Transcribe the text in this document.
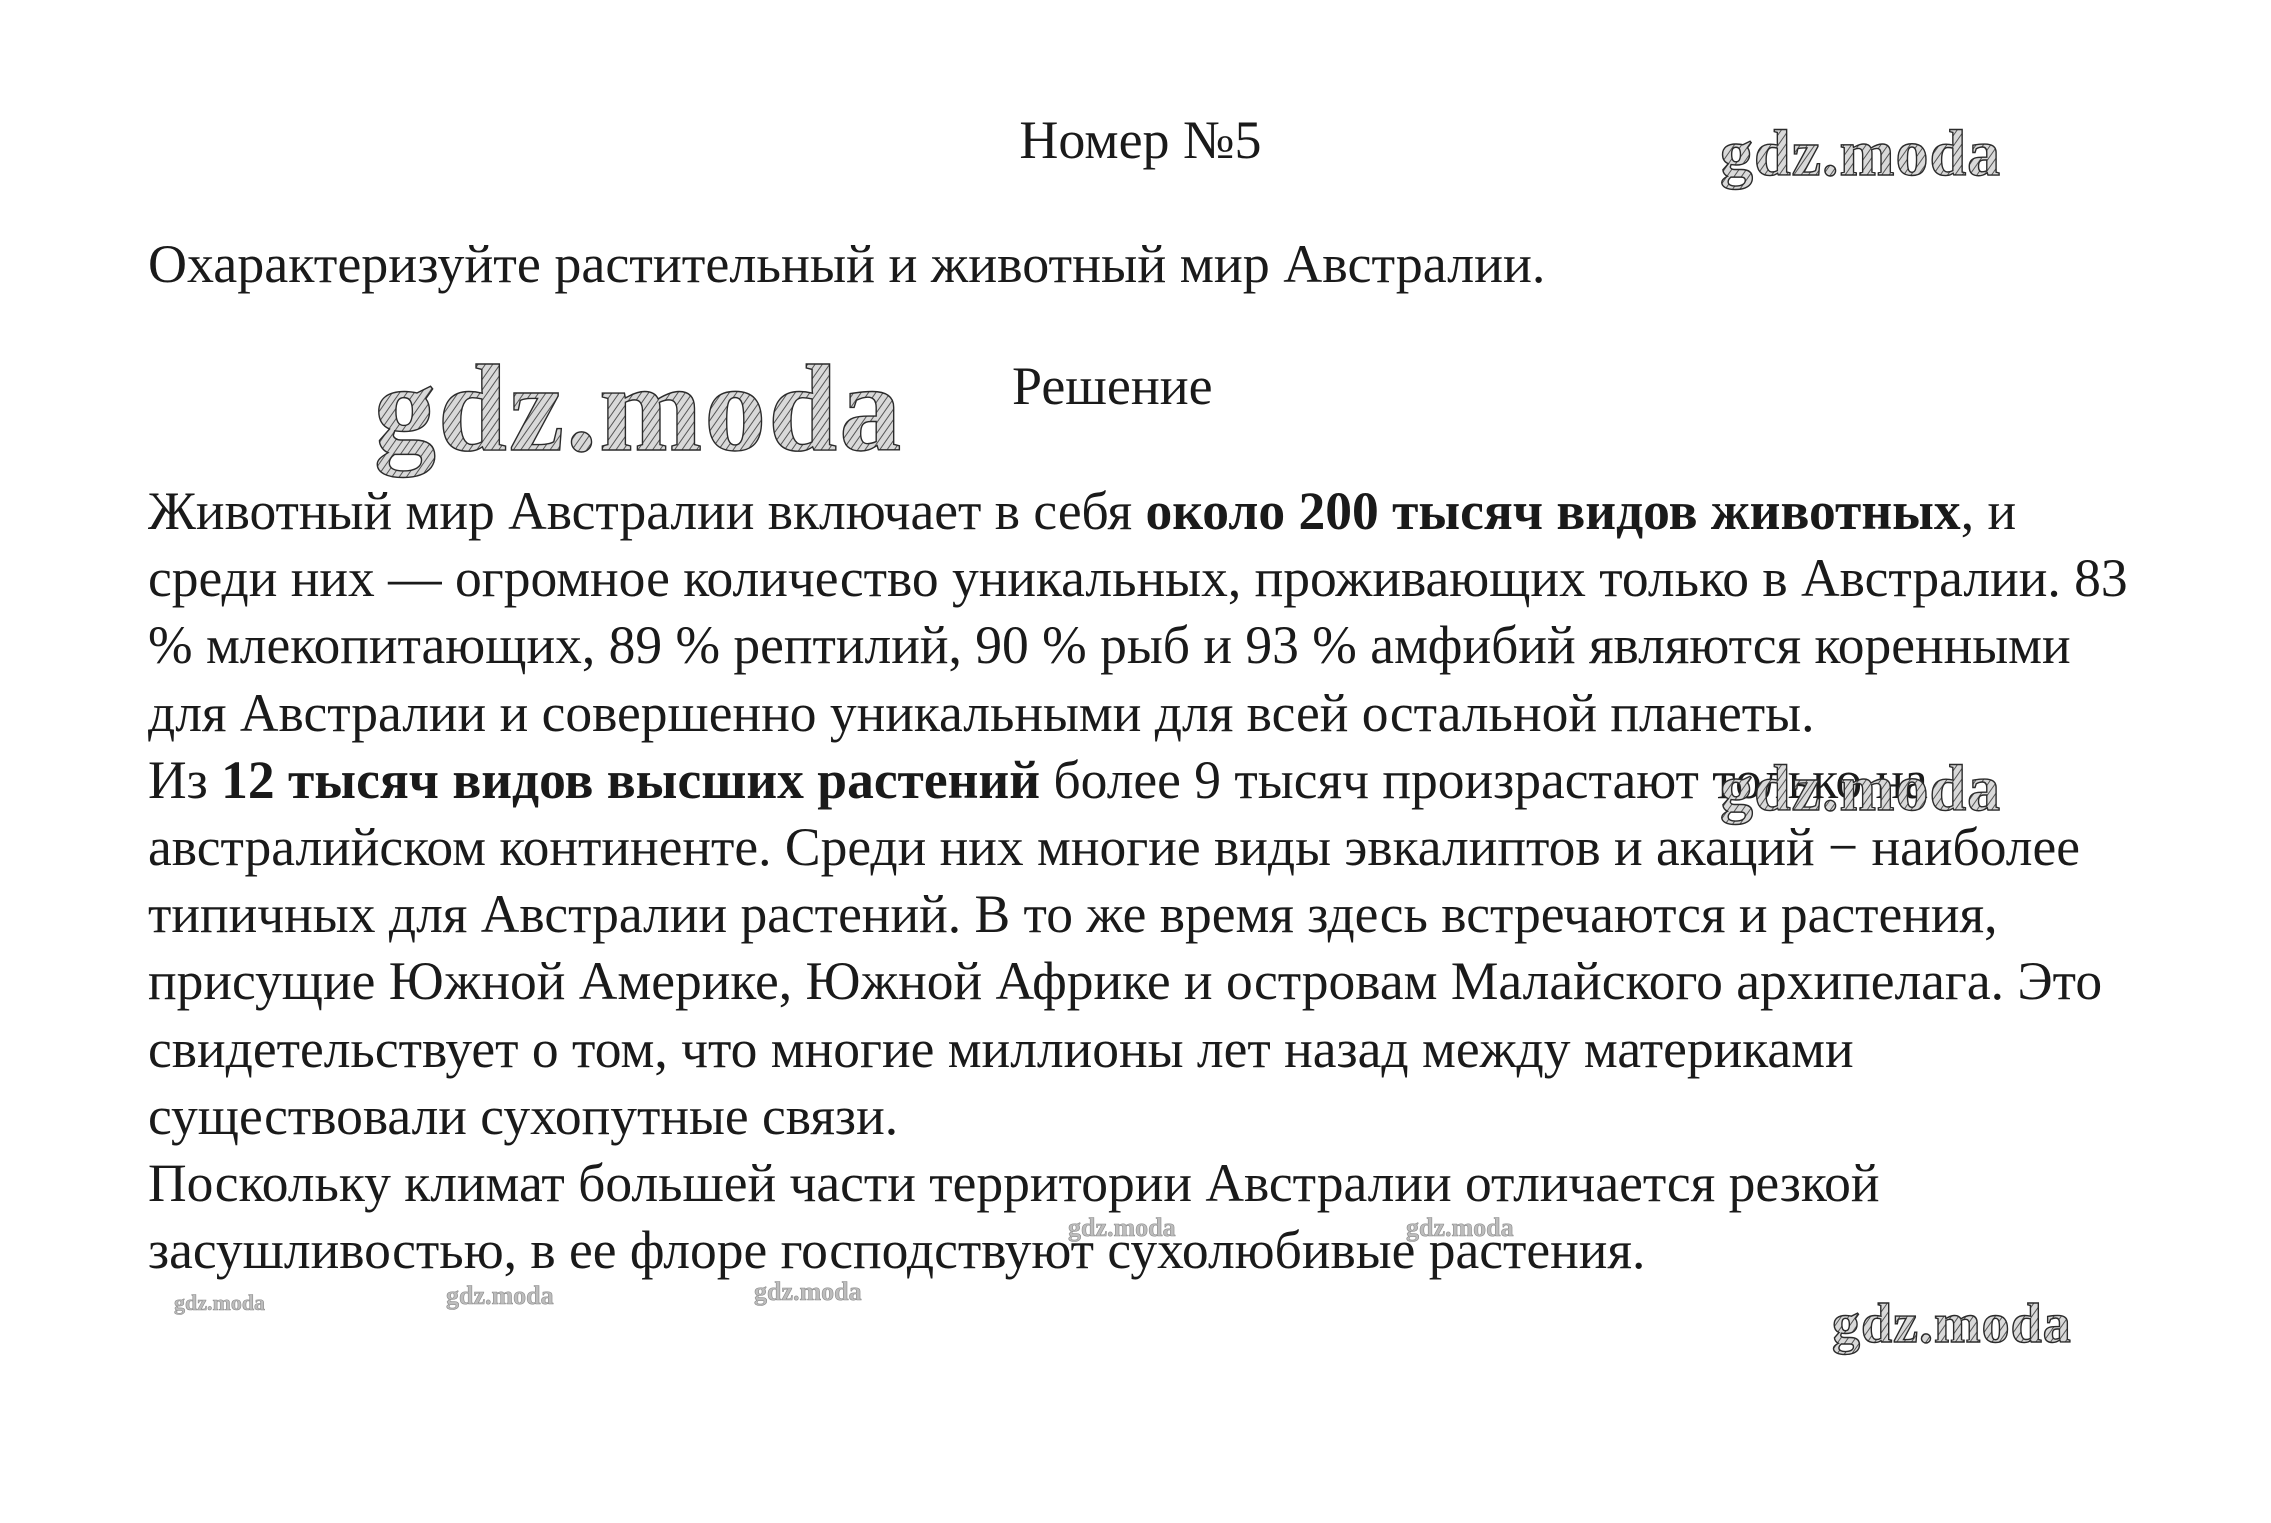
Номер №5
Охарактеризуйте растительный и животный мир Австралии.
Решение

Животный мир Австралии включает в себя около 200 тысяч видов животных, и среди них — огромное количество уникальных, проживающих только в Австралии. 83 % млекопитающих, 89 % рептилий, 90 % рыб и 93 % амфибий являются коренными для Австралии и совершенно уникальными для всей остальной планеты.

Из 12 тысяч видов высших растений более 9 тысяч произрастают только на австралийском континенте. Среди них многие виды эвкалиптов и акаций − наиболее типичных для Австралии растений. В то же время здесь встречаются и растения, присущие Южной Америке, Южной Африке и островам Малайского архипелага. Это свидетельствует о том, что многие миллионы лет назад между материками существовали сухопутные связи.

Поскольку климат большей части территории Австралии отличается резкой засушливостью, в ее флоре господствуют сухолюбивые растения.
